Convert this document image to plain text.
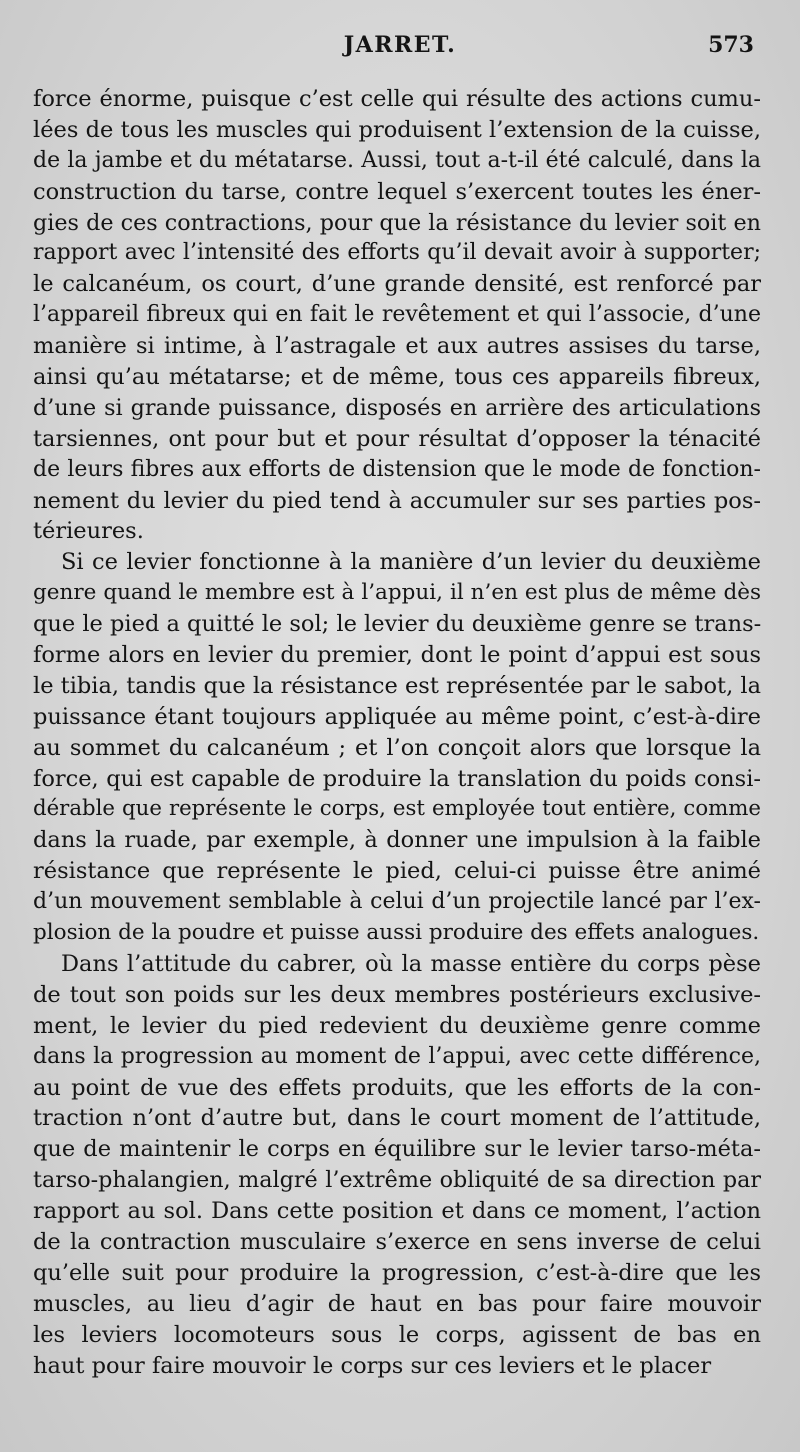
JARRET.	573
force énorme, puisque c’est celle qui résulte des actions cumu-
lées de tous les muscles qui produisent l’extension de la cuisse,
de la jambe et du métatarse. Aussi, tout a-t-il été calculé, dans la
construction du tarse, contre lequel s’exercent toutes les éner-
gies de ces contractions, pour que la résistance du levier soit en
rapport avec l’intensité des efforts qu’il devait avoir à supporter;
le calcanéum, os court, d’une grande densité, est renforcé par
l’appareil fibreux qui en fait le revêtement et qui l’associe, d’une
manière si intime, à l’astragale et aux autres assises du tarse,
ainsi qu’au métatarse; et de même, tous ces appareils fibreux,
d’une si grande puissance, disposés en arrière des articulations
tarsiennes, ont pour but et pour résultat d’opposer la ténacité
de leurs fibres aux efforts de distension que le mode de fonction-
nement du levier du pied tend à accumuler sur ses parties pos-
térieures.
Si ce levier fonctionne à la manière d’un levier du deuxième
genre quand le membre est à l’appui, il n’en est plus de même dès
que le pied a quitté le sol; le levier du deuxième genre se trans-
forme alors en levier du premier, dont le point d’appui est sous
le tibia, tandis que la résistance est représentée par le sabot, la
puissance étant toujours appliquée au même point, c’est-à-dire
au sommet du calcanéum ; et l’on conçoit alors que lorsque la
force, qui est capable de produire la translation du poids consi-
dérable que représente le corps, est employée tout entière, comme
dans la ruade, par exemple, à donner une impulsion à la faible
résistance que représente le pied, celui-ci puisse être animé
d’un mouvement semblable à celui d’un projectile lancé par l’ex-
plosion de la poudre et puisse aussi produire des effets analogues.
Dans l’attitude du cabrer, où la masse entière du corps pèse
de tout son poids sur les deux membres postérieurs exclusive-
ment, le levier du pied redevient du deuxième genre comme
dans la progression au moment de l’appui, avec cette différence,
au point de vue des effets produits, que les efforts de la con-
traction n’ont d’autre but, dans le court moment de l’attitude,
que de maintenir le corps en équilibre sur le levier tarso-méta-
tarso-phalangien, malgré l’extrême obliquité de sa direction par
rapport au sol. Dans cette position et dans ce moment, l’action
de la contraction musculaire s’exerce en sens inverse de celui
qu’elle suit pour produire la progression, c’est-à-dire que les
muscles, au lieu d’agir de haut en bas pour faire mouvoir
les leviers locomoteurs sous le corps, agissent de bas en
haut pour faire mouvoir le corps sur ces leviers et le placer
